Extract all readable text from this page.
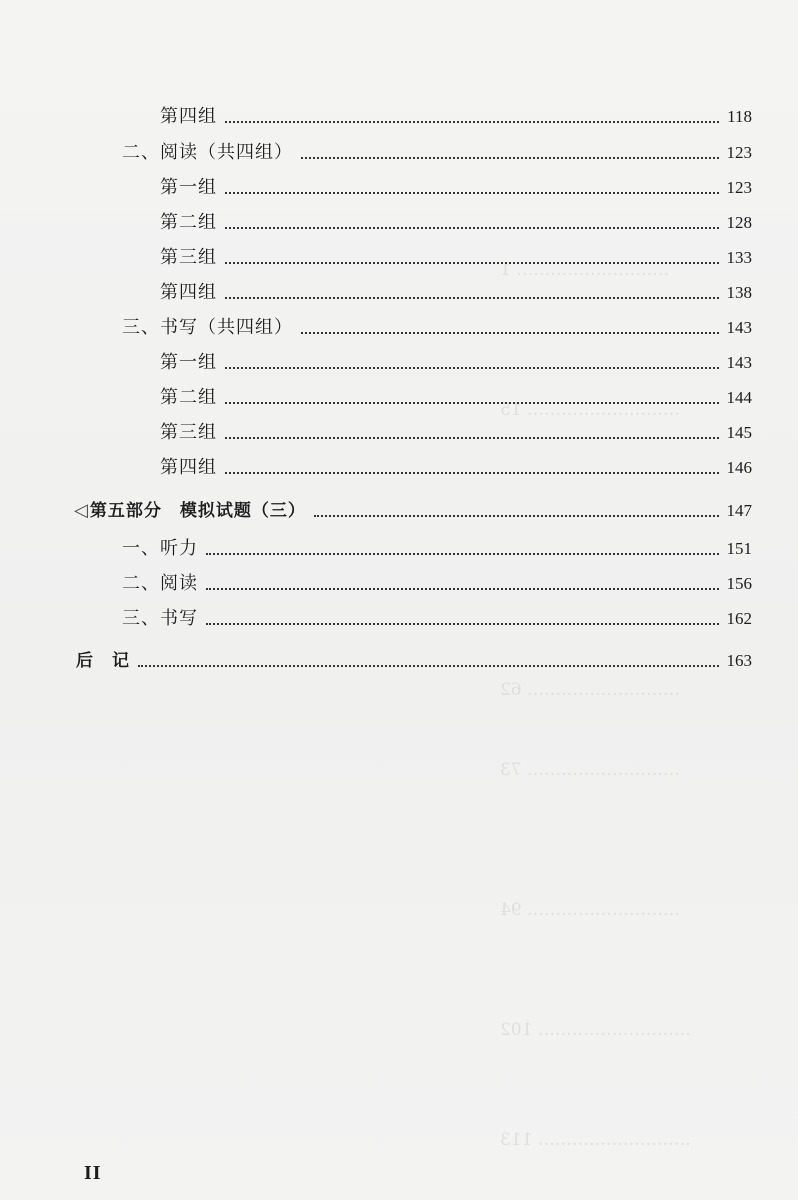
……………………… 1
……………………… 15
……………………… 62
……………………… 73
……………………… 94
……………………… 102
……………………… 113
第四组	118
二、阅读（共四组）	123
第一组	123
第二组	128
第三组	133
第四组	138
三、书写（共四组）	143
第一组	143
第二组	144
第三组	145
第四组	146
◁ 第五部分　模拟试题（三）	147
一、听力	151
二、阅读	156
三、书写	162
后　记	163
II
